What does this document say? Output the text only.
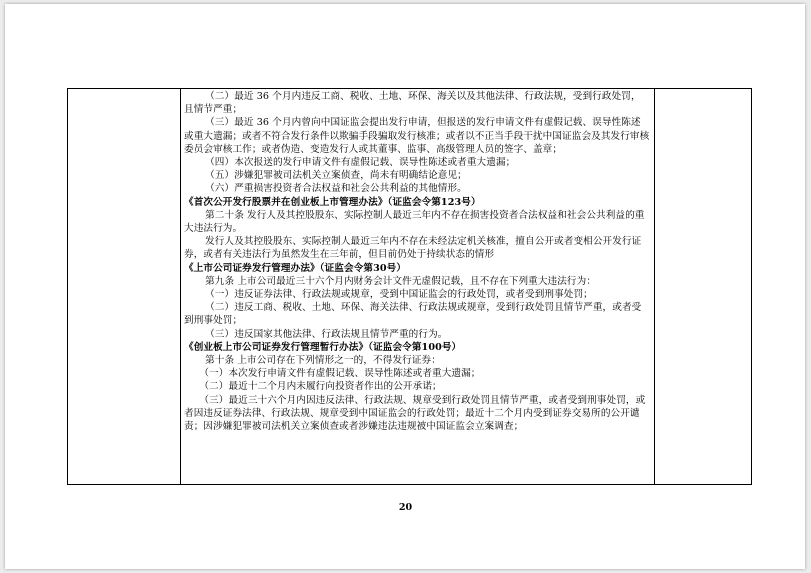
（二）最近 36 个月内违反工商、税收、土地、环保、海关以及其他法律、行政法规，受到行政处罚，且情节严重；

（三）最近 36 个月内曾向中国证监会提出发行申请，但报送的发行申请文件有虚假记载、误导性陈述或重大遗漏；或者不符合发行条件以欺骗手段骗取发行核准；或者以不正当手段干扰中国证监会及其发行审核委员会审核工作；或者伪造、变造发行人或其董事、监事、高级管理人员的签字、盖章；

（四）本次报送的发行申请文件有虚假记载、误导性陈述或者重大遗漏；

（五）涉嫌犯罪被司法机关立案侦查，尚未有明确结论意见；

（六）严重损害投资者合法权益和社会公共利益的其他情形。

《首次公开发行股票并在创业板上市管理办法》（证监会令第123号）

第二十条 发行人及其控股股东、实际控制人最近三年内不存在损害投资者合法权益和社会公共利益的重大违法行为。

发行人及其控股股东、实际控制人最近三年内不存在未经法定机关核准，擅自公开或者变相公开发行证券，或者有关违法行为虽然发生在三年前，但目前仍处于持续状态的情形

《上市公司证券发行管理办法》（证监会令第30号）

第九条 上市公司最近三十六个月内财务会计文件无虚假记载，且不存在下列重大违法行为：

（一）违反证券法律、行政法规或规章，受到中国证监会的行政处罚，或者受到刑事处罚；

（二）违反工商、税收、土地、环保、海关法律、行政法规或规章，受到行政处罚且情节严重，或者受到刑事处罚；

（三）违反国家其他法律、行政法规且情节严重的行为。

《创业板上市公司证券发行管理暂行办法》（证监会令第100号）

第十条 上市公司存在下列情形之一的，不得发行证券：

（一）本次发行申请文件有虚假记载、误导性陈述或者重大遗漏；

（二）最近十二个月内未履行向投资者作出的公开承诺；

（三）最近三十六个月内因违反法律、行政法规、规章受到行政处罚且情节严重，或者受到刑事处罚，或者因违反证券法律、行政法规、规章受到中国证监会的行政处罚；最近十二个月内受到证券交易所的公开谴责；因涉嫌犯罪被司法机关立案侦查或者涉嫌违法违规被中国证监会立案调查；

20
